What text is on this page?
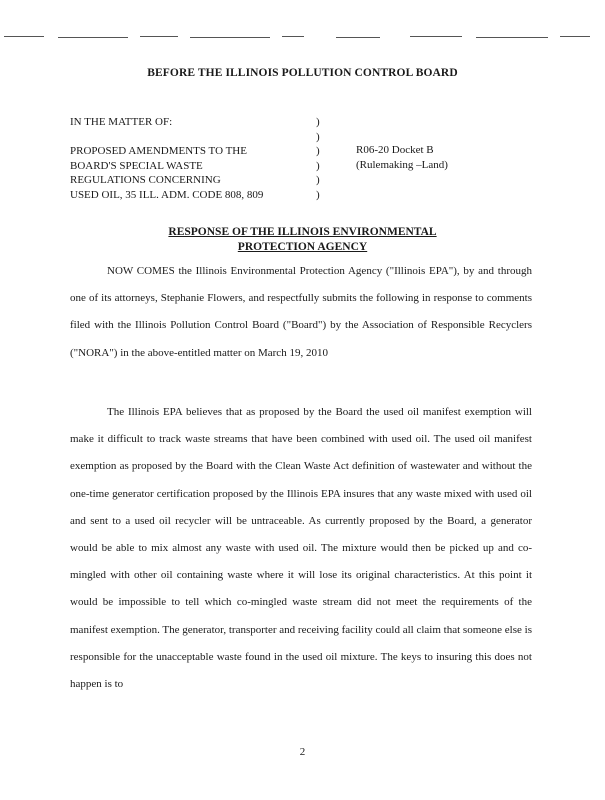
BEFORE THE ILLINOIS POLLUTION CONTROL BOARD
IN THE MATTER OF:

PROPOSED AMENDMENTS TO THE
BOARD'S SPECIAL WASTE
REGULATIONS CONCERNING
USED OIL, 35 ILL. ADM. CODE 808, 809
)
)
)
)
)
)
R06-20 Docket B
(Rulemaking –Land)
RESPONSE OF THE ILLINOIS ENVIRONMENTAL
PROTECTION AGENCY
NOW COMES the Illinois Environmental Protection Agency ("Illinois EPA"), by and through one of its attorneys, Stephanie Flowers, and respectfully submits the following in response to comments filed with the Illinois Pollution Control Board ("Board") by the Association of Responsible Recyclers ("NORA") in the above-entitled matter on March 19, 2010
The Illinois EPA believes that as proposed by the Board the used oil manifest exemption will make it difficult to track waste streams that have been combined with used oil. The used oil manifest exemption as proposed by the Board with the Clean Waste Act definition of wastewater and without the one-time generator certification proposed by the Illinois EPA insures that any waste mixed with used oil and sent to a used oil recycler will be untraceable. As currently proposed by the Board, a generator would be able to mix almost any waste with used oil. The mixture would then be picked up and co-mingled with other oil containing waste where it will lose its original characteristics. At this point it would be impossible to tell which co-mingled waste stream did not meet the requirements of the manifest exemption. The generator, transporter and receiving facility could all claim that someone else is responsible for the unacceptable waste found in the used oil mixture. The keys to insuring this does not happen is to
2
